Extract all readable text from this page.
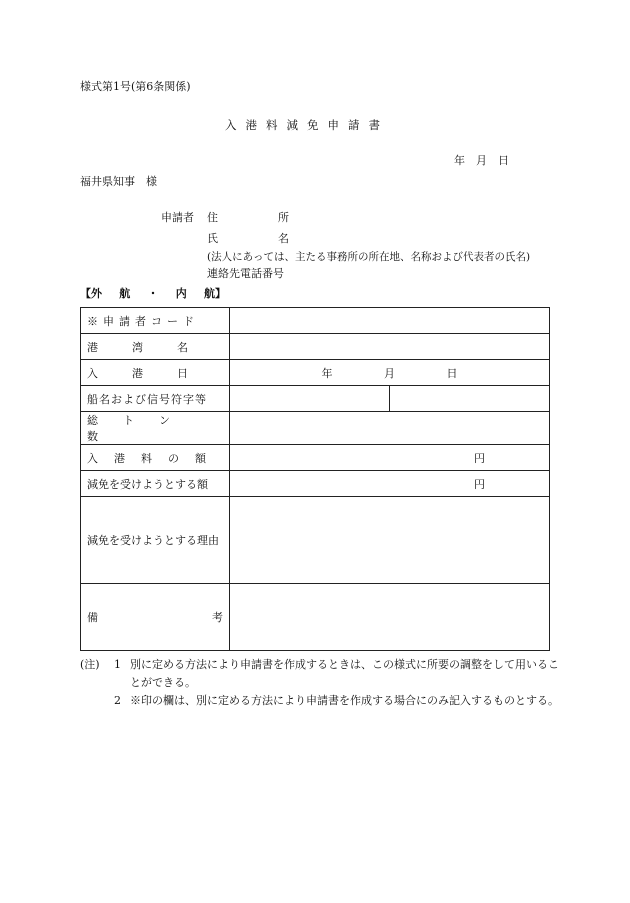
様式第1号(第6条関係)
入港料減免申請書
年　月　日
福井県知事　様
申請者 住	所
氏	名
(法人にあっては、主たる事務所の所在地、名称および代表者の氏名)
連絡先電話番号
【外 航 ・ 内 航】
※申請者コード		

港湾名		

入港日	年 月 日	
船名および信号符字等		
総トン数		
入港料の額	円	
減免を受けようとする額	円	
減免を受けようとする理由		

備 考		

(注)	1 別に定める方法により申請書を作成するときは、この様式に所要の調整をして用いることができる。
2 ※印の欄は、別に定める方法により申請書を作成する場合にのみ記入するものとする。
